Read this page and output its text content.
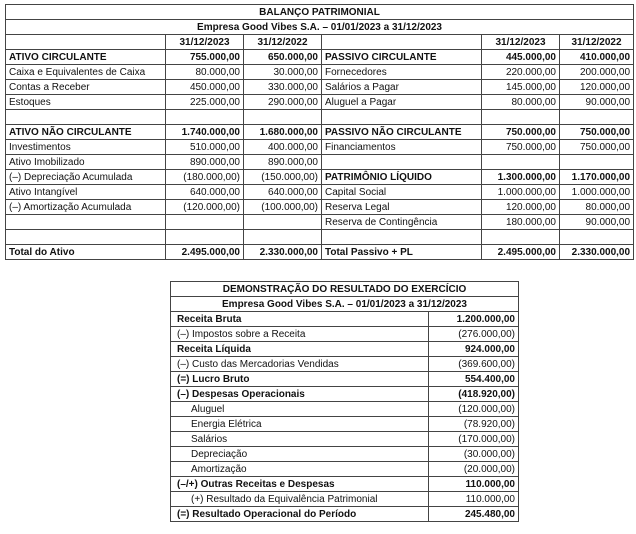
BALANÇO PATRIMONIAL					
Empresa Good Vibes S.A. – 01/01/2023 a 31/12/2023					
	31/12/2023	31/12/2022		31/12/2023	31/12/2022
ATIVO CIRCULANTE	755.000,00	650.000,00	PASSIVO CIRCULANTE	445.000,00	410.000,00
Caixa e Equivalentes de Caixa	80.000,00	30.000,00	Fornecedores	220.000,00	200.000,00
Contas a Receber	450.000,00	330.000,00	Salários a Pagar	145.000,00	120.000,00
Estoques	225.000,00	290.000,00	Aluguel a Pagar	80.000,00	90.000,00

ATIVO NÃO CIRCULANTE	1.740.000,00	1.680.000,00	PASSIVO NÃO CIRCULANTE	750.000,00	750.000,00
Investimentos	510.000,00	400.000,00	Financiamentos	750.000,00	750.000,00
Ativo Imobilizado	890.000,00	890.000,00			
(–) Depreciação Acumulada	(180.000,00)	(150.000,00)	PATRIMÔNIO LÍQUIDO	1.300.000,00	1.170.000,00
Ativo Intangível	640.000,00	640.000,00	Capital Social	1.000.000,00	1.000.000,00
(–) Amortização Acumulada	(120.000,00)	(100.000,00)	Reserva Legal	120.000,00	80.000,00
			Reserva de Contingência	180.000,00	90.000,00

Total do Ativo	2.495.000,00	2.330.000,00	Total Passivo + PL	2.495.000,00	2.330.000,00
DEMONSTRAÇÃO DO RESULTADO DO EXERCÍCIO	
Empresa Good Vibes S.A. – 01/01/2023 a 31/12/2023	
Receita Bruta	1.200.000,00
(–) Impostos sobre a Receita	(276.000,00)
Receita Líquida	924.000,00
(–) Custo das Mercadorias Vendidas	(369.600,00)
(=) Lucro Bruto	554.400,00
(–) Despesas Operacionais	(418.920,00)
Aluguel	(120.000,00)
Energia Elétrica	(78.920,00)
Salários	(170.000,00)
Depreciação	(30.000,00)
Amortização	(20.000,00)
(–/+) Outras Receitas e Despesas	110.000,00
(+) Resultado da Equivalência Patrimonial	110.000,00
(=) Resultado Operacional do Período	245.480,00
